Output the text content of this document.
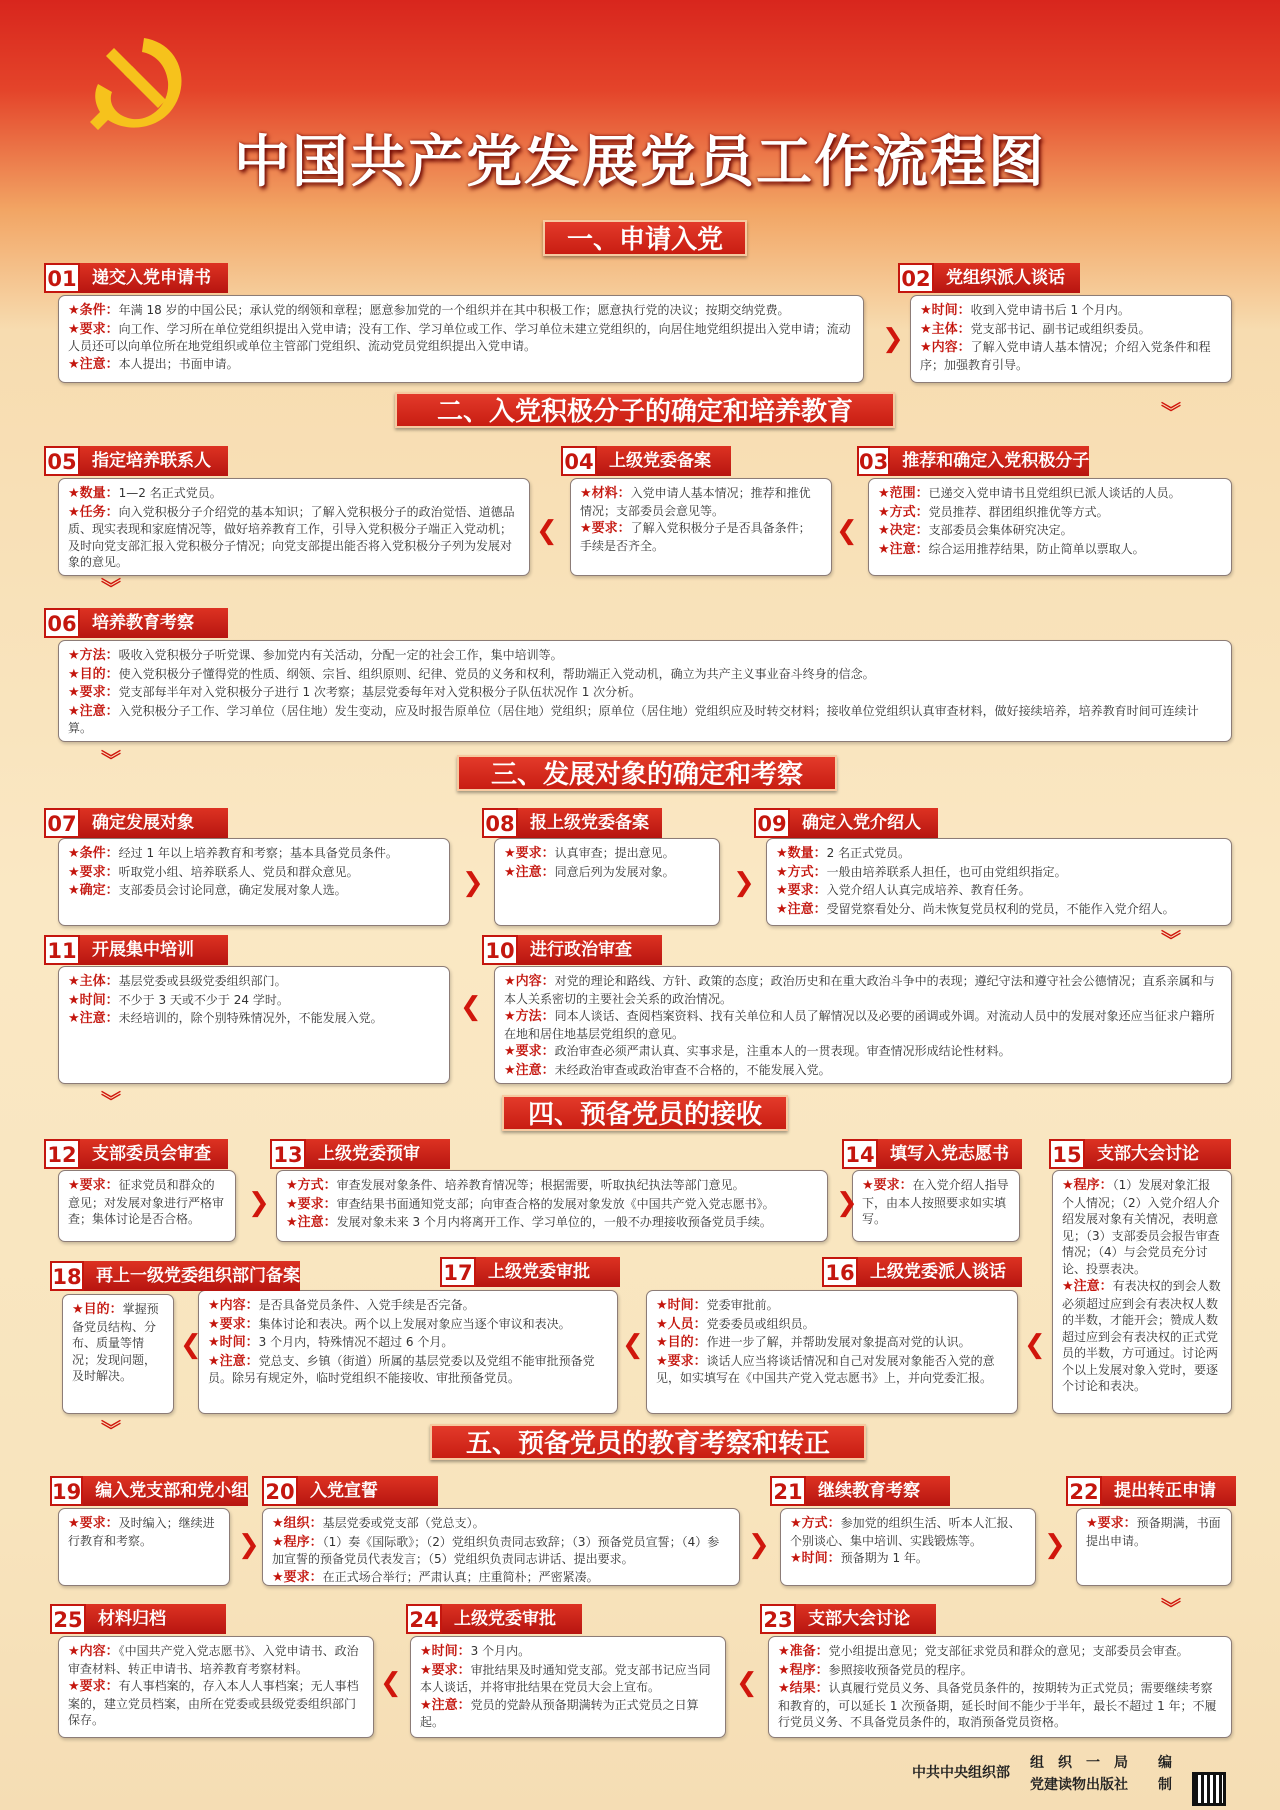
中国共产党发展党员工作流程图
一、申请入党
二、入党积极分子的确定和培养教育
三、发展对象的确定和考察
四、预备党员的接收
五、预备党员的教育考察和转正
01 递交入党申请书
★条件：年满 18 岁的中国公民；承认党的纲领和章程；愿意参加党的一个组织并在其中积极工作；愿意执行党的决议；按期交纳党费。
★要求：向工作、学习所在单位党组织提出入党申请；没有工作、学习单位或工作、学习单位未建立党组织的，向居住地党组织提出入党申请；流动人员还可以向单位所在地党组织或单位主管部门党组织、流动党员党组织提出入党申请。
★注意：本人提出；书面申请。
02 党组织派人谈话
★时间：收到入党申请书后 1 个月内。
★主体：党支部书记、副书记或组织委员。
★内容：了解入党申请人基本情况；介绍入党条件和程序；加强教育引导。
03 推荐和确定入党积极分子
★范围：已递交入党申请书且党组织已派人谈话的人员。
★方式：党员推荐、群团组织推优等方式。
★决定：支部委员会集体研究决定。
★注意：综合运用推荐结果，防止简单以票取人。
04 上级党委备案
★材料：入党申请人基本情况；推荐和推优情况；支部委员会意见等。
★要求：了解入党积极分子是否具备条件；手续是否齐全。
05 指定培养联系人
★数量：1—2 名正式党员。
★任务：向入党积极分子介绍党的基本知识；了解入党积极分子的政治觉悟、道德品质、现实表现和家庭情况等，做好培养教育工作，引导入党积极分子端正入党动机；及时向党支部汇报入党积极分子情况；向党支部提出能否将入党积极分子列为发展对象的意见。
06 培养教育考察
★方法：吸收入党积极分子听党课、参加党内有关活动，分配一定的社会工作，集中培训等。
★目的：使入党积极分子懂得党的性质、纲领、宗旨、组织原则、纪律、党员的义务和权利，帮助端正入党动机，确立为共产主义事业奋斗终身的信念。
★要求：党支部每半年对入党积极分子进行 1 次考察；基层党委每年对入党积极分子队伍状况作 1 次分析。
★注意：入党积极分子工作、学习单位（居住地）发生变动，应及时报告原单位（居住地）党组织；原单位（居住地）党组织应及时转交材料；接收单位党组织认真审查材料，做好接续培养，培养教育时间可连续计算。
07 确定发展对象
★条件：经过 1 年以上培养教育和考察；基本具备党员条件。
★要求：听取党小组、培养联系人、党员和群众意见。
★确定：支部委员会讨论同意，确定发展对象人选。
08 报上级党委备案
★要求：认真审查；提出意见。
★注意：同意后列为发展对象。
09 确定入党介绍人
★数量：2 名正式党员。
★方式：一般由培养联系人担任，也可由党组织指定。
★要求：入党介绍人认真完成培养、教育任务。
★注意：受留党察看处分、尚未恢复党员权利的党员，不能作入党介绍人。
10 进行政治审查
★内容：对党的理论和路线、方针、政策的态度；政治历史和在重大政治斗争中的表现；遵纪守法和遵守社会公德情况；直系亲属和与本人关系密切的主要社会关系的政治情况。
★方法：同本人谈话、查阅档案资料、找有关单位和人员了解情况以及必要的函调或外调。对流动人员中的发展对象还应当征求户籍所在地和居住地基层党组织的意见。
★要求：政治审查必须严肃认真、实事求是，注重本人的一贯表现。审查情况形成结论性材料。
★注意：未经政治审查或政治审查不合格的，不能发展入党。
11 开展集中培训
★主体：基层党委或县级党委组织部门。
★时间：不少于 3 天或不少于 24 学时。
★注意：未经培训的，除个别特殊情况外，不能发展入党。
12 支部委员会审查
★要求：征求党员和群众的意见；对发展对象进行严格审查；集体讨论是否合格。
13 上级党委预审
★方式：审查发展对象条件、培养教育情况等；根据需要，听取执纪执法等部门意见。
★要求：审查结果书面通知党支部；向审查合格的发展对象发放《中国共产党入党志愿书》。
★注意：发展对象未来 3 个月内将离开工作、学习单位的，一般不办理接收预备党员手续。
14 填写入党志愿书
★要求：在入党介绍人指导下，由本人按照要求如实填写。
15 支部大会讨论
★程序：（1）发展对象汇报个人情况；（2）入党介绍人介绍发展对象有关情况，表明意见；（3）支部委员会报告审查情况；（4）与会党员充分讨论、投票表决。
★注意：有表决权的到会人数必须超过应到会有表决权人数的半数，才能开会；赞成人数超过应到会有表决权的正式党员的半数，方可通过。讨论两个以上发展对象入党时，要逐个讨论和表决。
16 上级党委派人谈话
★时间：党委审批前。
★人员：党委委员或组织员。
★目的：作进一步了解，并帮助发展对象提高对党的认识。
★要求：谈话人应当将谈话情况和自己对发展对象能否入党的意见，如实填写在《中国共产党入党志愿书》上，并向党委汇报。
17 上级党委审批
★内容：是否具备党员条件、入党手续是否完备。
★要求：集体讨论和表决。两个以上发展对象应当逐个审议和表决。
★时间：3 个月内，特殊情况不超过 6 个月。
★注意：党总支、乡镇（街道）所属的基层党委以及党组不能审批预备党员。除另有规定外，临时党组织不能接收、审批预备党员。
18 再上一级党委组织部门备案
★目的：掌握预备党员结构、分布、质量等情况；发现问题，及时解决。
19 编入党支部和党小组
★要求：及时编入；继续进行教育和考察。
20 入党宣誓
★组织：基层党委或党支部（党总支）。
★程序：（1）奏《国际歌》；（2）党组织负责同志致辞；（3）预备党员宣誓；（4）参加宣誓的预备党员代表发言；（5）党组织负责同志讲话、提出要求。
★要求：在正式场合举行；严肃认真；庄重简朴；严密紧凑。
21 继续教育考察
★方式：参加党的组织生活、听本人汇报、个别谈心、集中培训、实践锻炼等。
★时间：预备期为 1 年。
22 提出转正申请
★要求：预备期满，书面提出申请。
23 支部大会讨论
★准备：党小组提出意见；党支部征求党员和群众的意见；支部委员会审查。
★程序：参照接收预备党员的程序。
★结果：认真履行党员义务、具备党员条件的，按期转为正式党员；需要继续考察和教育的，可以延长 1 次预备期，延长时间不能少于半年，最长不超过 1 年；不履行党员义务、不具备党员条件的，取消预备党员资格。
24 上级党委审批
★时间：3 个月内。
★要求：审批结果及时通知党支部。党支部书记应当同本人谈话，并将审批结果在党员大会上宣布。
★注意：党员的党龄从预备期满转为正式党员之日算起。
25 材料归档
★内容：《中国共产党入党志愿书》、入党申请书、政治审查材料、转正申请书、培养教育考察材料。
★要求：有人事档案的，存入本人人事档案；无人事档案的，建立党员档案，由所在党委或县级党委组织部门保存。
❯
︾
❮
❮
︾
︾
❯	❯
︾
❮
︾
❯	❯
❮
❮
❮
︾
❯	❯	❯
︾
❮
❮
中共中央组织部
组　织　一　局 编
党建读物出版社 制
